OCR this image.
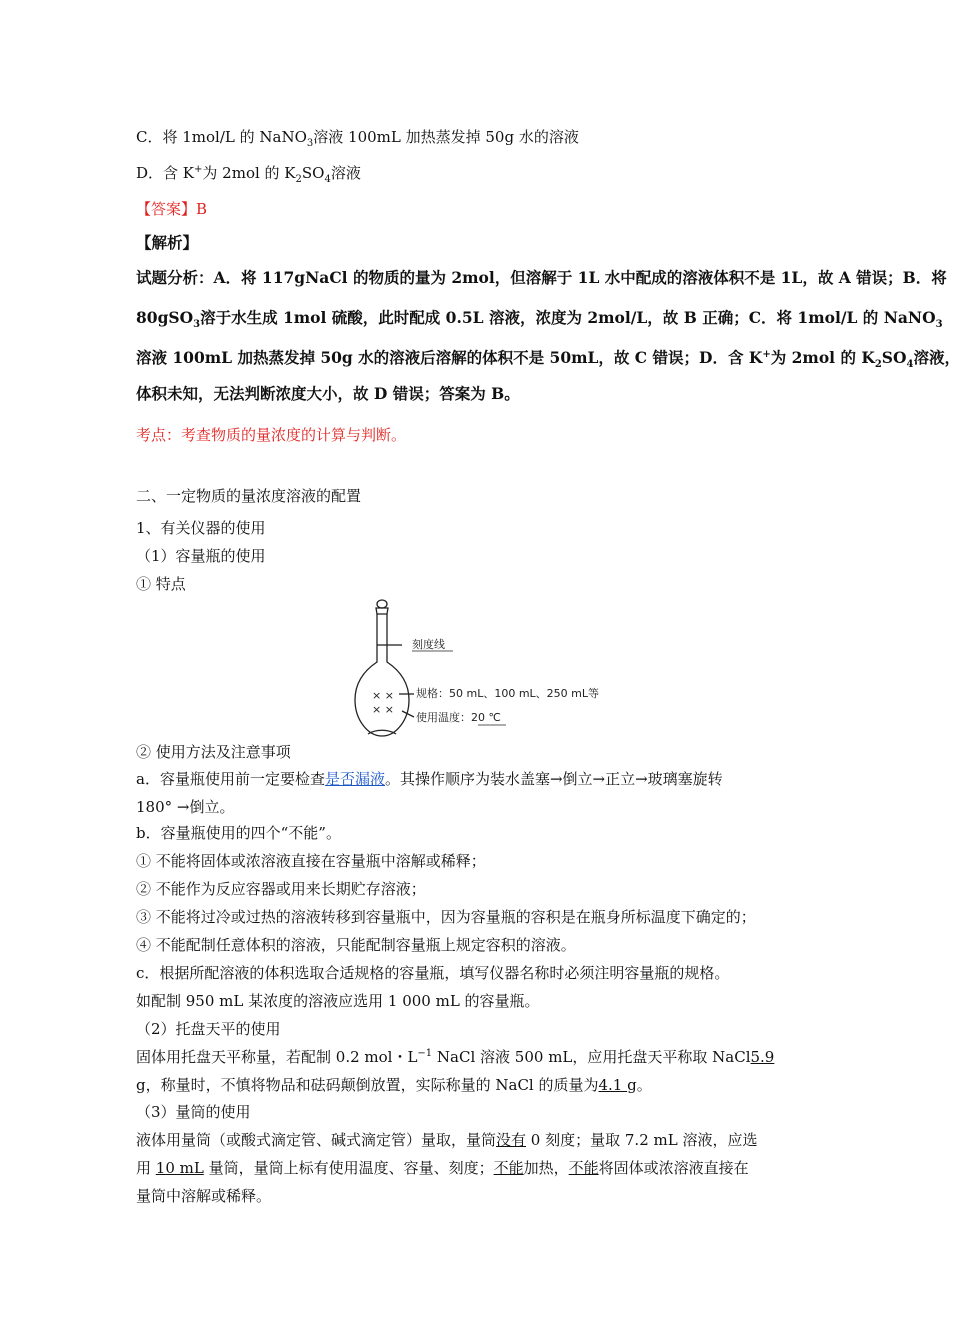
C．将 1mol/L 的 NaNO$_3$溶液 100mL 加热蒸发掉 50g 水的溶液
D．含 K+为 2mol 的 $K_2SO_4$溶液
【答案】B
【解析】
试题分析：A．将 117gNaCl 的物质的量为 2mol，但溶解于 1L 水中配成的溶液体积不是 1L，故 A 错误；B．将
80gSO$_3$溶于水生成 1mol 硫酸，此时配成 0.5L 溶液，浓度为 2mol/L，故 B 正确；C．将 1mol/L 的 NaNO$_3$
溶液 100mL 加热蒸发掉 50g 水的溶液后溶解的体积不是 50mL，故 C 错误；D．含 K+为 2mol 的 $K_2SO_4$溶液，
体积未知，无法判断浓度大小，故 D 错误；答案为 B。
考点：考查物质的量浓度的计算与判断。
二、一定物质的量浓度溶液的配置
1、有关仪器的使用
（1）容量瓶的使用
① 特点
× ×
× ×
刻度线
规格：50 mL、100 mL、250 mL等
使用温度：20 ℃
② 使用方法及注意事项
a．容量瓶使用前一定要检查是否漏液。其操作顺序为装水盖塞→倒立→正立→玻璃塞旋转
180° →倒立。
b．容量瓶使用的四个“不能”。
① 不能将固体或浓溶液直接在容量瓶中溶解或稀释；
② 不能作为反应容器或用来长期贮存溶液；
③ 不能将过冷或过热的溶液转移到容量瓶中，因为容量瓶的容积是在瓶身所标温度下确定的；
④ 不能配制任意体积的溶液，只能配制容量瓶上规定容积的溶液。
c．根据所配溶液的体积选取合适规格的容量瓶，填写仪器名称时必须注明容量瓶的规格。
如配制 950 mL 某浓度的溶液应选用 1 000 mL 的容量瓶。
（2）托盘天平的使用
固体用托盘天平称量，若配制 0.2 mol・$L^{-1}$ NaCl 溶液 500 mL，应用托盘天平称取 NaCl5.9
g，称量时，不慎将物品和砝码颠倒放置，实际称量的 NaCl 的质量为4.1 g。
（3）量筒的使用
液体用量筒（或酸式滴定管、碱式滴定管）量取，量筒没有 0 刻度；量取 7.2 mL 溶液，应选
用 10 mL 量筒，量筒上标有使用温度、容量、刻度；不能加热，不能将固体或浓溶液直接在
量筒中溶解或稀释。
